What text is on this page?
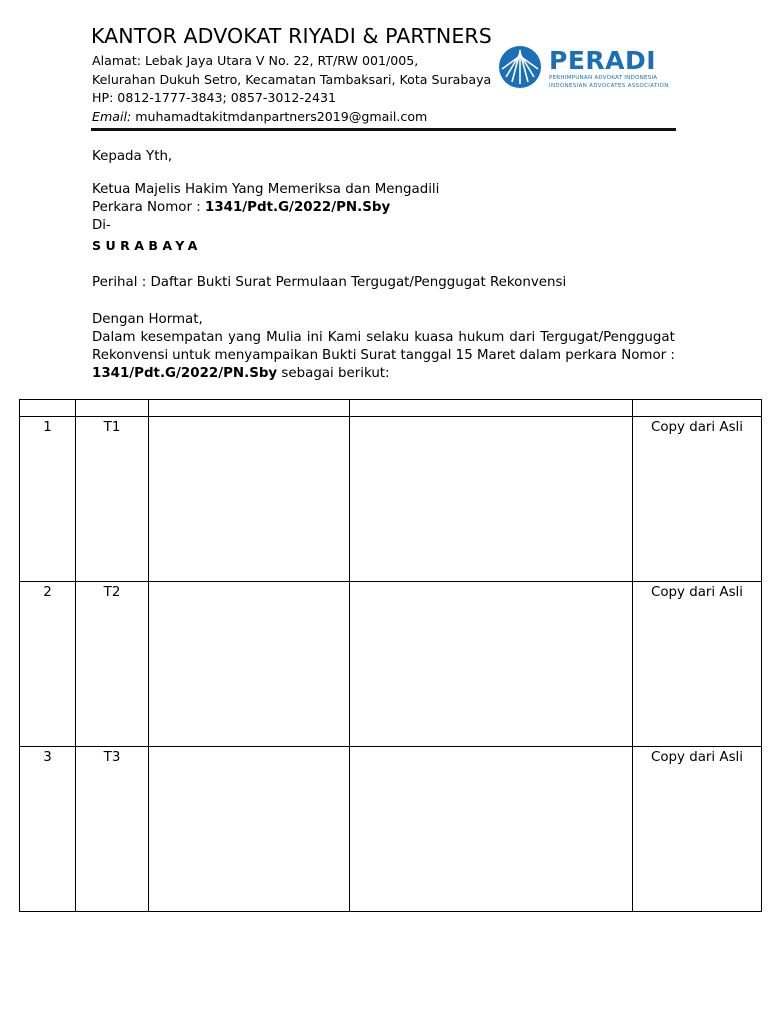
KANTOR ADVOKAT RIYADI & PARTNERS
Alamat: Lebak Jaya Utara V No. 22, RT/RW 001/005,
Kelurahan Dukuh Setro, Kecamatan Tambaksari, Kota Surabaya
HP: 0812-1777-3843; 0857-3012-2431
Email: muhamadtakitmdanpartners2019@gmail.com
PERADI
PERHIMPUNAN ADVOKAT INDONESIA
INDONESIAN ADVOCATES ASSOCIATION
Kepada Yth,
Ketua Majelis Hakim Yang Memeriksa dan Mengadili
Perkara Nomor : 1341/Pdt.G/2022/PN.Sby
Di-
SURABAYA
Perihal : Daftar Bukti Surat Permulaan Tergugat/Penggugat Rekonvensi
Dengan Hormat,
Dalam kesempatan yang Mulia ini Kami selaku kuasa hukum dari Tergugat/Penggugat
Rekonvensi untuk menyampaikan Bukti Surat tanggal 15 Maret dalam perkara Nomor :
1341/Pdt.G/2022/PN.Sby sebagai berikut:

1	T1			Copy dari Asli
2	T2			Copy dari Asli
3	T3			Copy dari Asli
